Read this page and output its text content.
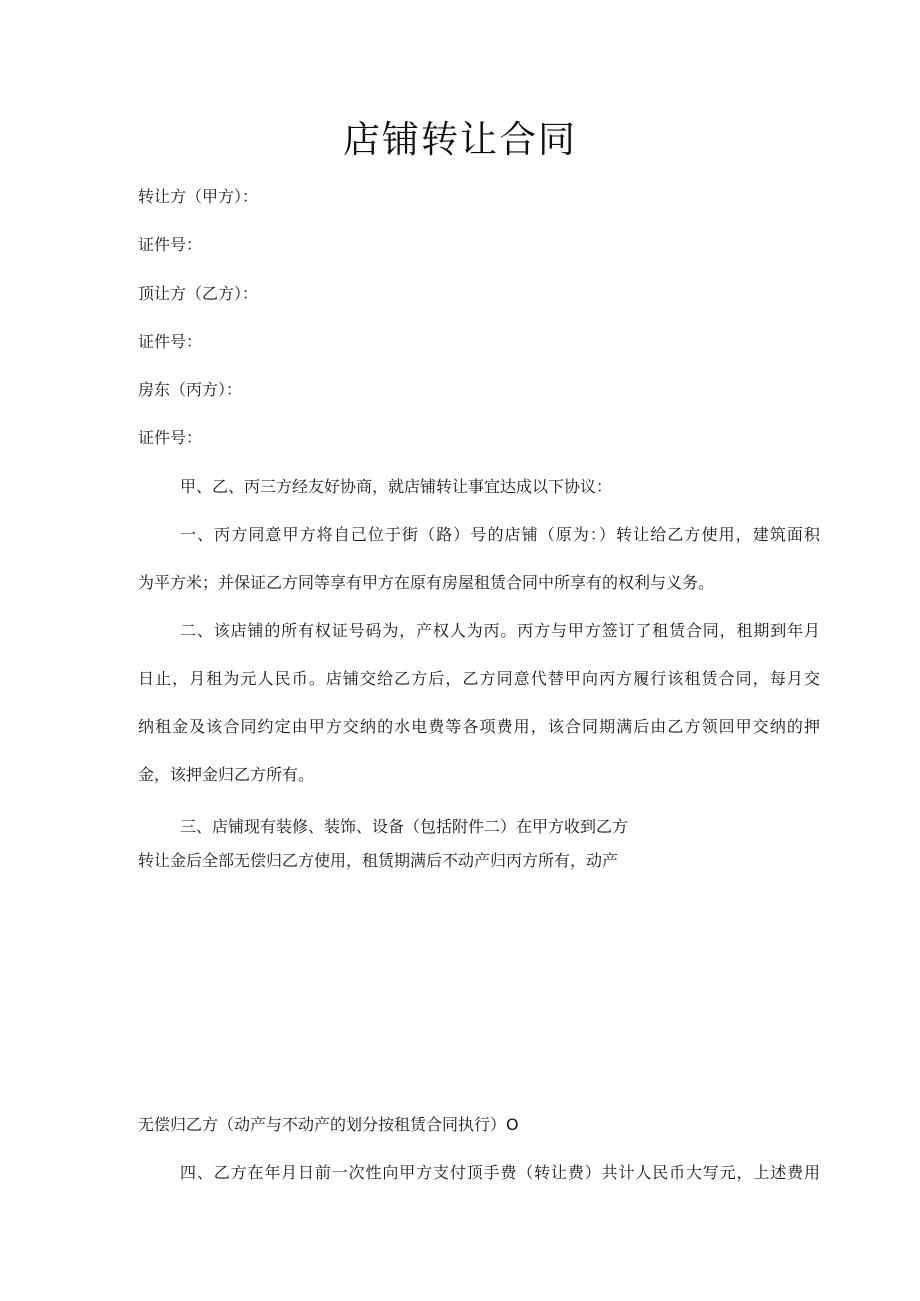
店铺转让合同

转让方（甲方）：

证件号：

顶让方（乙方）：

证件号：

房东（丙方）：

证件号：

甲、乙、丙三方经友好协商，就店铺转让事宜达成以下协议：

一、丙方同意甲方将自己位于街（路）号的店铺（原为：）转让给乙方使用，建筑面积

为平方米；并保证乙方同等享有甲方在原有房屋租赁合同中所享有的权利与义务。

二、该店铺的所有权证号码为，产权人为丙。丙方与甲方签订了租赁合同，租期到年月

日止，月租为元人民币。店铺交给乙方后，乙方同意代替甲向丙方履行该租赁合同，每月交

纳租金及该合同约定由甲方交纳的水电费等各项费用，该合同期满后由乙方领回甲交纳的押

金，该押金归乙方所有。

三、店铺现有装修、装饰、设备（包括附件二）在甲方收到乙方

转让金后全部无偿归乙方使用，租赁期满后不动产归丙方所有，动产

无偿归乙方（动产与不动产的划分按租赁合同执行）O

四、乙方在年月日前一次性向甲方支付顶手费（转让费）共计人民币大写元，上述费用
